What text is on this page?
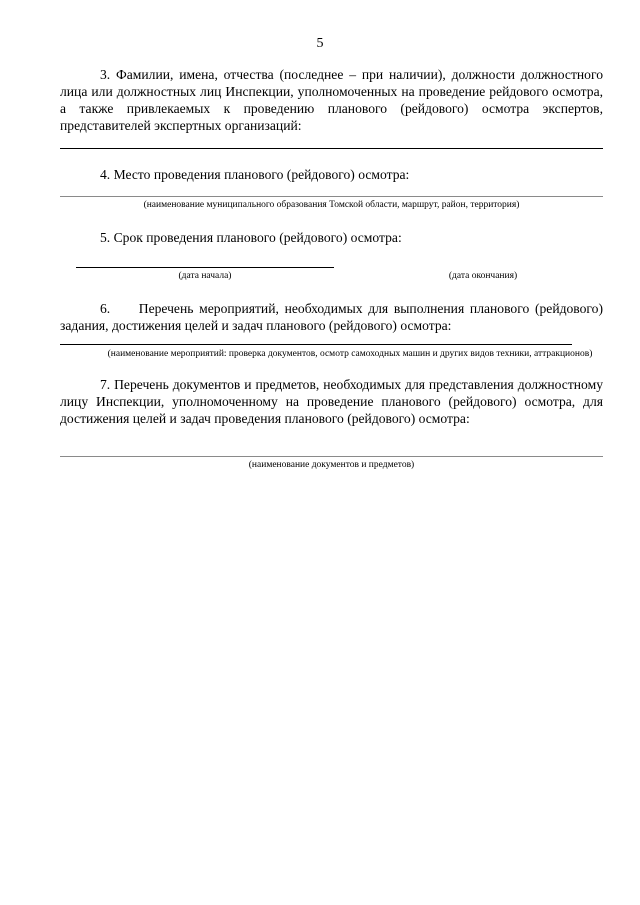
5

3. Фамилии, имена, отчества (последнее – при наличии), должности должностного лица или должностных лиц Инспекции, уполномоченных на проведение рейдового осмотра, а также привлекаемых к проведению планового (рейдового) осмотра экспертов, представителей экспертных организаций:

4. Место проведения планового (рейдового) осмотра:

(наименование муниципального образования Томской области, маршрут, район, территория)

5. Срок проведения планового (рейдового) осмотра:

(дата начала)	(дата окончания)

6.     Перечень мероприятий, необходимых для выполнения планового (рейдового) задания, достижения целей и задач планового (рейдового) осмотра:

(наименование мероприятий: проверка документов, осмотр самоходных машин и других видов техники, аттракционов)

7. Перечень документов и предметов, необходимых для представления должностному лицу Инспекции, уполномоченному на проведение планового (рейдового) осмотра, для достижения целей и задач проведения планового (рейдового) осмотра:

(наименование документов и предметов)
